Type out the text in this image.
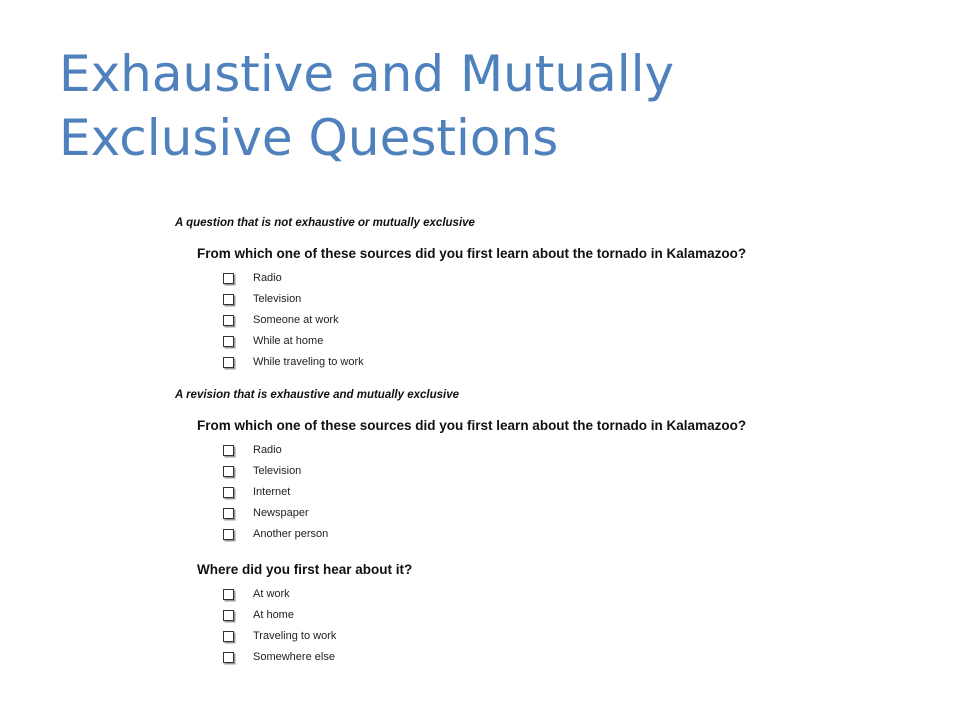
Exhaustive and Mutually
Exclusive Questions

A question that is not exhaustive or mutually exclusive

From which one of these sources did you first learn about the tornado in Kalamazoo?

Radio
Television
Someone at work
While at home
While traveling to work

A revision that is exhaustive and mutually exclusive

From which one of these sources did you first learn about the tornado in Kalamazoo?

Radio
Television
Internet
Newspaper
Another person

Where did you first hear about it?

At work
At home
Traveling to work
Somewhere else
